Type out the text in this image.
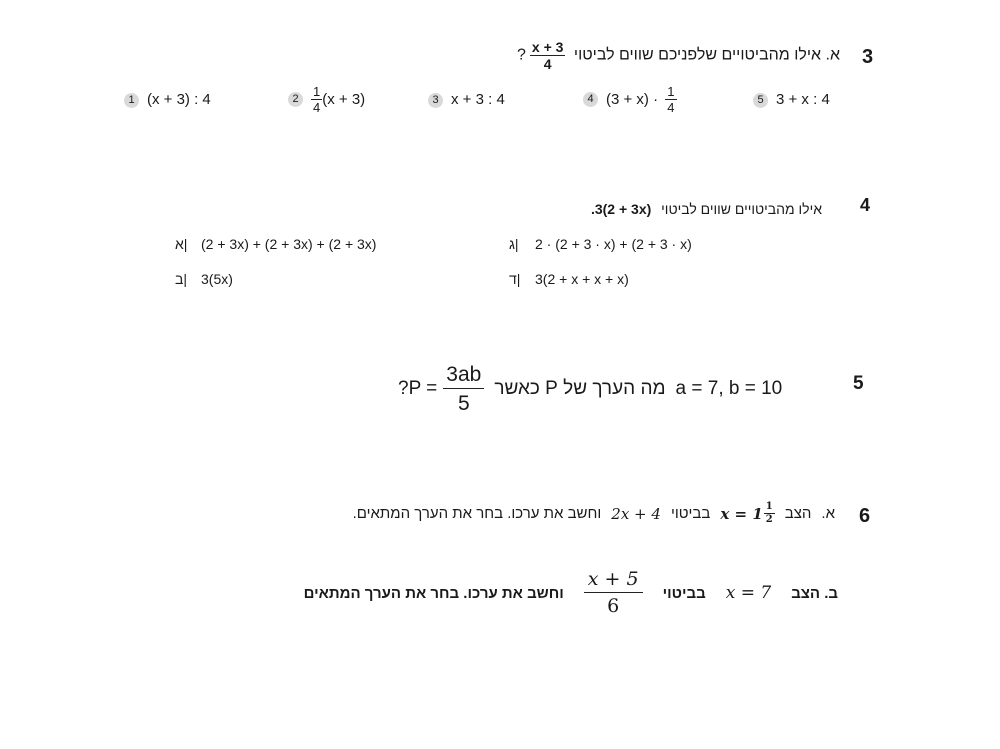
3
א. אילו מהביטויים שלפניכם שווים לביטוי
$\frac{x + 3}{4}$
?
1 (x + 3) : 4	$2 \frac{1}{4} (x + 3)$	3 x + 3 : 4	4 $(3 + x) \cdot \frac{1}{4}$	5 3 + x : 4
4
אילו מהביטויים שווים לביטוי .3(2 + 3x)
א| (2 + 3x) + (2 + 3x) + (2 + 3x)	ג| 2 · (2 + 3 · x) + (2 + 3 · x)
ב| 3(5x)	ד| 3(2 + x + x + x)
5
?P = $\frac{3ab}{5}$ מה הערך של P כאשר a = 7, b = 10
6
א.
הצב
$x = 1 \frac{1}{2}$
בביטוי
2x + 4
וחשב את ערכו. בחר את הערך המתאים.
ב. הצב
x = 7
בביטוי
$\frac{x + 5}{6}$
וחשב את ערכו. בחר את הערך המתאים
